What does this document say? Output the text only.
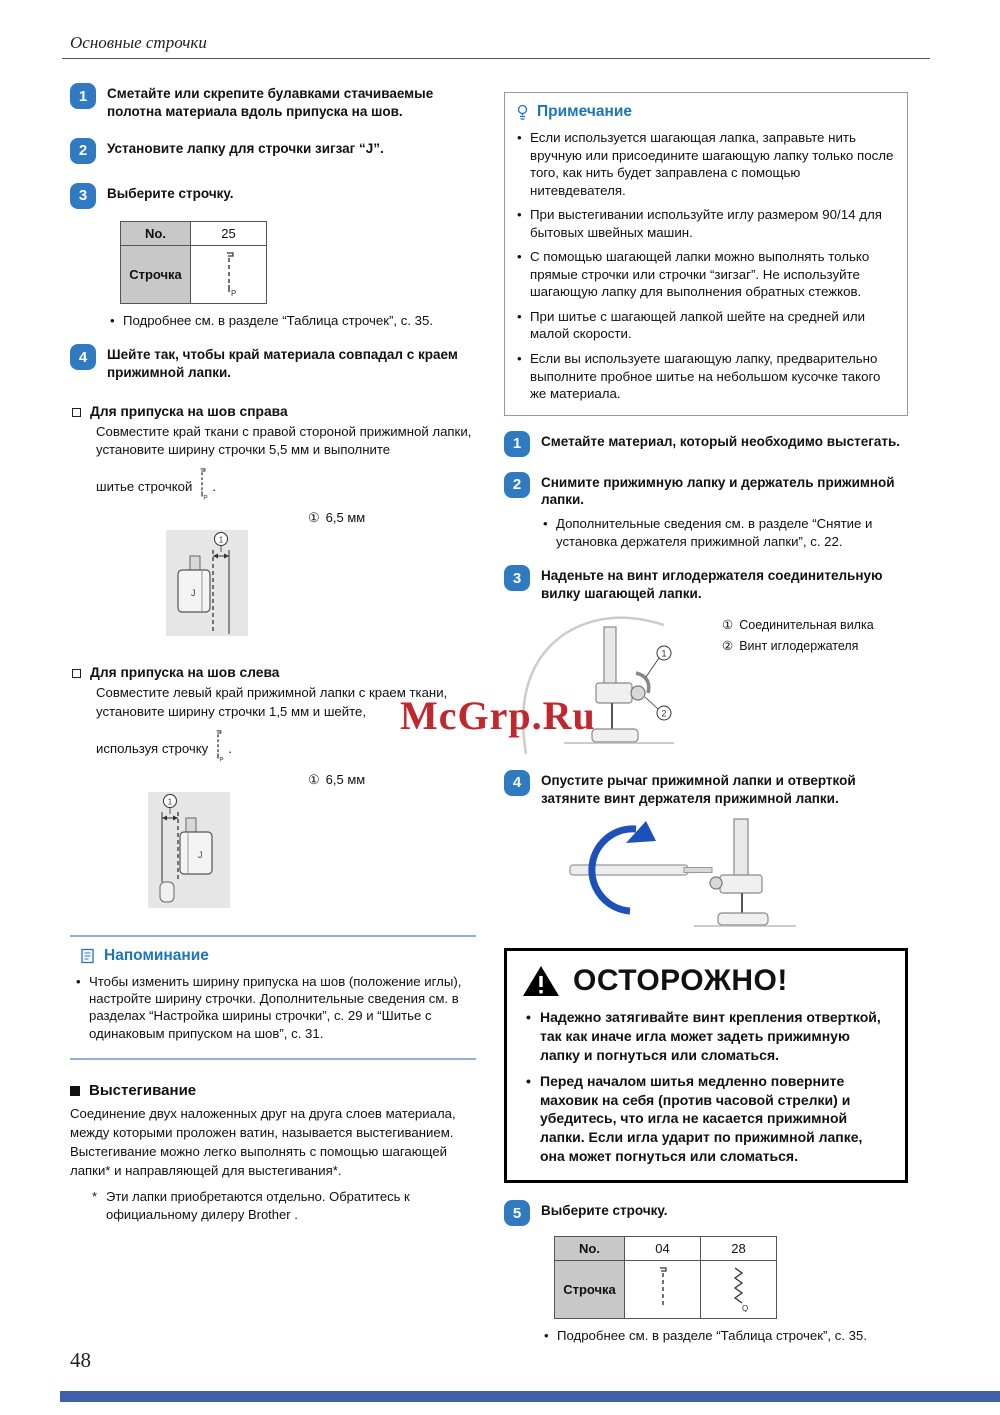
Основные строчки
1	Сметайте или скрепите булавками стачиваемые полотна материала вдоль припуска на шов.
2	Установите лапку для строчки зигзаг “J”.
3	Выберите строчку.
No.	25
Строчка	P
• Подробнее см. в разделе “Таблица строчек”, с. 35.
4	Шейте так, чтобы край материала совпадал с краем прижимной лапки.
Для припуска на шов справа
Совместите край ткани с правой стороной прижимной лапки, установите ширину строчки 5,5 мм и выполните
шитье строчкой
P
.
① 6,5 мм
1
J
Для припуска на шов слева
Совместите левый край прижимной лапки с краем ткани, установите ширину строчки 1,5 мм и шейте,
используя строчку
P
.
① 6,5 мм
1
J
Напоминание
• Чтобы изменить ширину припуска на шов (положение иглы), настройте ширину строчки. Дополнительные сведения см. в разделах “Настройка ширины строчки”, с. 29 и “Шитье с одинаковым припуском на шов”, с. 31.
Выстегивание
Соединение двух наложенных друг на друга слоев материала, между которыми проложен ватин, называется выстегиванием. Выстегивание можно легко выполнять с помощью шагающей лапки* и направляющей для выстегивания*.
* Эти лапки приобретаются отдельно. Обратитесь к официальному дилеру Brother .
Примечание
• Если используется шагающая лапка, заправьте нить вручную или присоедините шагающую лапку только после того, как нить будет заправлена с помощью нитевдевателя.
• При выстегивании используйте иглу размером 90/14 для бытовых швейных машин.
• С помощью шагающей лапки можно выполнять только прямые строчки или строчки “зигзаг”. Не используйте шагающую лапку для выполнения обратных стежков.
• При шитье с шагающей лапкой шейте на средней или малой скорости.
• Если вы используете шагающую лапку, предварительно выполните пробное шитье на небольшом кусочке такого же материала.
1	Сметайте материал, который необходимо выстегать.
2	Снимите прижимную лапку и держатель прижимной лапки.
• Дополнительные сведения см. в разделе “Снятие и установка держателя прижимной лапки”, с. 22.
3	Наденьте на винт иглодержателя соединительную вилку шагающей лапки.
1
2
① Соединительная вилка
② Винт иглодержателя
4	Опустите рычаг прижимной лапки и отверткой затяните винт держателя прижимной лапки.
ОСТОРОЖНО!
• Надежно затягивайте винт крепления отверткой, так как иначе игла может задеть прижимную лапку и погнуться или сломаться.
• Перед началом шитья медленно поверните маховик на себя (против часовой стрелки) и убедитесь, что игла не касается прижимной лапки. Если игла ударит по прижимной лапке, она может погнуться или сломаться.
5	Выберите строчку.
No.	04	28
Строчка		Q
• Подробнее см. в разделе “Таблица строчек”, с. 35.
McGrp.Ru
48
